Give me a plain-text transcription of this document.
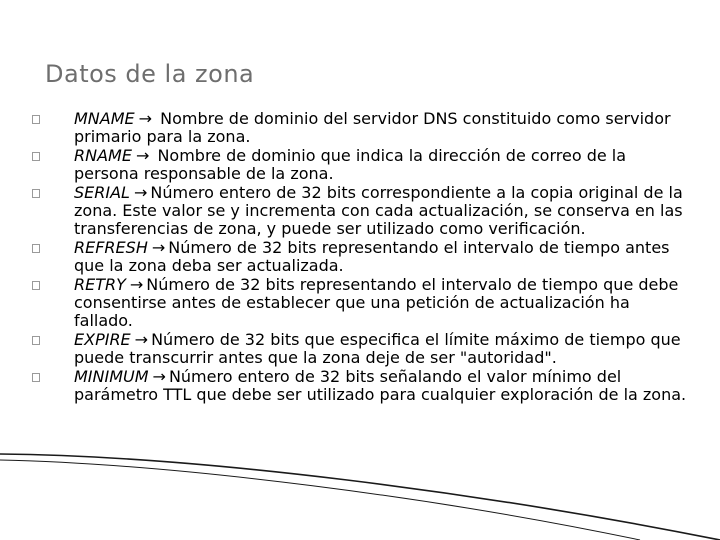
Datos de la zona
MNAME → Nombre de dominio del servidor DNS constituido como servidor primario para la zona.
RNAME → Nombre de dominio que indica la dirección de correo de la persona responsable de la zona.
SERIAL → Número entero de 32 bits correspondiente a la copia original de la zona. Este valor se y incrementa con cada actualización, se conserva en las transferencias de zona, y puede ser utilizado como verificación.
REFRESH → Número de 32 bits representando el intervalo de tiempo antes que la zona deba ser actualizada.
RETRY → Número de 32 bits representando el intervalo de tiempo que debe consentirse antes de establecer que una petición de actualización ha fallado.
EXPIRE → Número de 32 bits que especifica el límite máximo de tiempo que puede transcurrir antes que la zona deje de ser "autoridad".
MINIMUM → Número entero de 32 bits señalando el valor mínimo del parámetro TTL que debe ser utilizado para cualquier exploración de la zona.
